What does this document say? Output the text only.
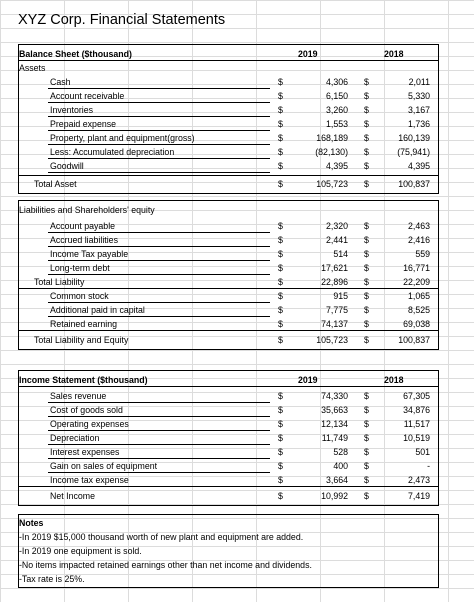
XYZ Corp. Financial Statements
Balance Sheet ($thousand)	2019	2018
Assets
Cash	$	4,306 $	2,011
Account receivable	$	6,150 $	5,330
Inventories	$	3,260 $	3,167
Prepaid expense	$	1,553 $	1,736
Property, plant and equipment(gross)	$	168,189 $	160,139
Less: Accumulated depreciation	$	(82,130) $	(75,941)
Goodwill	$	4,395 $	4,395
Total Asset	$	105,723 $	100,837
Liabilities and Shareholders' equity
Account payable	$	2,320 $	2,463
Accrued liabilities	$	2,441 $	2,416
Income Tax payable	$	514 $	559
Long-term debt	$	17,621 $	16,771
Total Liability	$	22,896 $	22,209
Common stock	$	915 $	1,065
Additional paid in capital	$	7,775 $	8,525
Retained earning	$	74,137 $	69,038
Total Liability and Equity	$	105,723 $	100,837
Income Statement ($thousand)	2019	2018
Sales revenue	$	74,330 $	67,305
Cost of goods sold	$	35,663 $	34,876
Operating expenses	$	12,134 $	11,517
Depreciation	$	11,749 $	10,519
Interest expenses	$	528 $	501
Gain on sales of equipment	$	400 $	-
Income tax expense	$	3,664 $	2,473
Net Income	$	10,992 $	7,419
Notes
-In 2019 $15,000 thousand worth of new plant and equipment are added.
-In 2019 one equipment is sold.
-No items impacted retained earnings other than net income and dividends.
-Tax rate is 25%.
